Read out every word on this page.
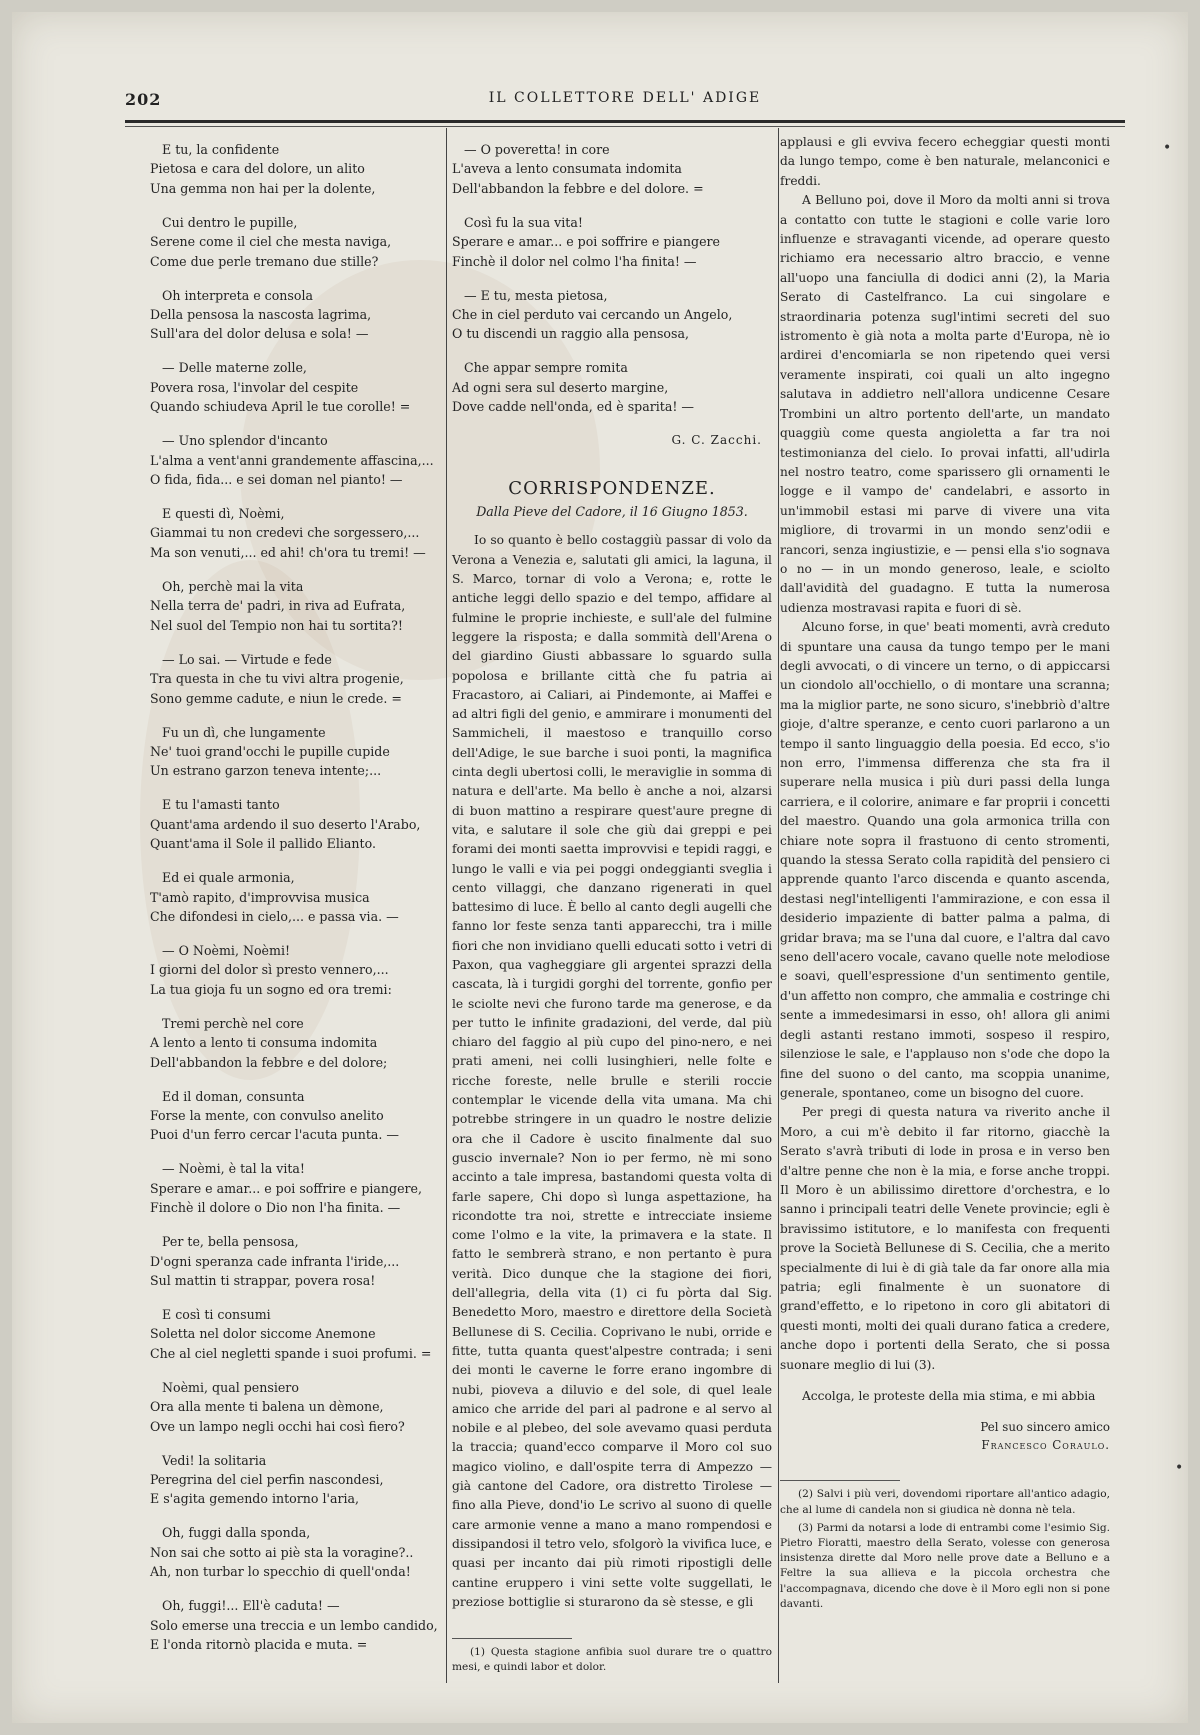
IL COLLETTORE DELL' ADIGE
202
•
•
E tu, la confidente
Pietosa e cara del dolore, un alito
Una gemma non hai per la dolente,
Cui dentro le pupille,
Serene come il ciel che mesta naviga,
Come due perle tremano due stille?
Oh interpreta e consola
Della pensosa la nascosta lagrima,
Sull'ara del dolor delusa e sola! —
— Delle materne zolle,
Povera rosa, l'involar del cespite
Quando schiudeva April le tue corolle! =
— Uno splendor d'incanto
L'alma a vent'anni grandemente affascina,...
O fida, fida... e sei doman nel pianto! —
E questi dì, Noèmi,
Giammai tu non credevi che sorgessero,...
Ma son venuti,... ed ahi! ch'ora tu tremi! —
Oh, perchè mai la vita
Nella terra de' padri, in riva ad Eufrata,
Nel suol del Tempio non hai tu sortita?!
— Lo sai. — Virtude e fede
Tra questa in che tu vivi altra progenie,
Sono gemme cadute, e niun le crede. =
Fu un dì, che lungamente
Ne' tuoi grand'occhi le pupille cupide
Un estrano garzon teneva intente;...
E tu l'amasti tanto
Quant'ama ardendo il suo deserto l'Arabo,
Quant'ama il Sole il pallido Elianto.
Ed ei quale armonia,
T'amò rapito, d'improvvisa musica
Che difondesi in cielo,... e passa via. —
— O Noèmi, Noèmi!
I giorni del dolor sì presto vennero,...
La tua gioja fu un sogno ed ora tremi:
Tremi perchè nel core
A lento a lento ti consuma indomita
Dell'abbandon la febbre e del dolore;
Ed il doman, consunta
Forse la mente, con convulso anelito
Puoi d'un ferro cercar l'acuta punta. —
— Noèmi, è tal la vita!
Sperare e amar... e poi soffrire e piangere,
Finchè il dolore o Dio non l'ha finita. —
Per te, bella pensosa,
D'ogni speranza cade infranta l'iride,...
Sul mattin ti strappar, povera rosa!
E così ti consumi
Soletta nel dolor siccome Anemone
Che al ciel negletti spande i suoi profumi. =
Noèmi, qual pensiero
Ora alla mente ti balena un dèmone,
Ove un lampo negli occhi hai così fiero?
Vedi! la solitaria
Peregrina del ciel perfin nascondesi,
E s'agita gemendo intorno l'aria,
Oh, fuggi dalla sponda,
Non sai che sotto ai piè sta la voragine?..
Ah, non turbar lo specchio di quell'onda!
Oh, fuggi!... Ell'è caduta! —
Solo emerse una treccia e un lembo candido,
E l'onda ritornò placida e muta. =
— O poveretta! in core
L'aveva a lento consumata indomita
Dell'abbandon la febbre e del dolore. =
Così fu la sua vita!
Sperare e amar... e poi soffrire e piangere
Finchè il dolor nel colmo l'ha finita! —
— E tu, mesta pietosa,
Che in ciel perduto vai cercando un Angelo,
O tu discendi un raggio alla pensosa,
Che appar sempre romita
Ad ogni sera sul deserto margine,
Dove cadde nell'onda, ed è sparita! —
G. C. Zacchi.
CORRISPONDENZE.
Dalla Pieve del Cadore, il 16 Giugno 1853.

Io so quanto è bello costaggiù passar di volo da Verona a Venezia e, salutati gli amici, la laguna, il S. Marco, tornar di volo a Verona; e, rotte le antiche leggi dello spazio e del tempo, affidare al fulmine le proprie inchieste, e sull'ale del fulmine leggere la risposta; e dalla sommità dell'Arena o del giardino Giusti abbassare lo sguardo sulla popolosa e brillante città che fu patria ai Fracastoro, ai Caliari, ai Pindemonte, ai Maffei e ad altri figli del genio, e ammirare i monumenti del Sammicheli, il maestoso e tranquillo corso dell'Adige, le sue barche i suoi ponti, la magnifica cinta degli ubertosi colli, le meraviglie in somma di natura e dell'arte. Ma bello è anche a noi, alzarsi di buon mattino a respirare quest'aure pregne di vita, e salutare il sole che giù dai greppi e pei forami dei monti saetta improvvisi e tepidi raggi, e lungo le valli e via pei poggi ondeggianti sveglia i cento villaggi, che danzano rigenerati in quel battesimo di luce. È bello al canto degli augelli che fanno lor feste senza tanti apparecchi, tra i mille fiori che non invidiano quelli educati sotto i vetri di Paxon, qua vagheggiare gli argentei sprazzi della cascata, là i turgidi gorghi del torrente, gonfio per le sciolte nevi che furono tarde ma generose, e da per tutto le infinite gradazioni, del verde, dal più chiaro del faggio al più cupo del pino-nero, e nei prati ameni, nei colli lusinghieri, nelle folte e ricche foreste, nelle brulle e sterili roccie contemplar le vicende della vita umana. Ma chi potrebbe stringere in un quadro le nostre delizie ora che il Cadore è uscito finalmente dal suo guscio invernale? Non io per fermo, nè mi sono accinto a tale impresa, bastandomi questa volta di farle sapere, Chi dopo sì lunga aspettazione, ha ricondotte tra noi, strette e intrecciate insieme come l'olmo e la vite, la primavera e la state. Il fatto le sembrerà strano, e non pertanto è pura verità. Dico dunque che la stagione dei fiori, dell'allegria, della vita (1) ci fu pòrta dal Sig. Benedetto Moro, maestro e direttore della Società Bellunese di S. Cecilia. Coprivano le nubi, orride e fitte, tutta quanta quest'alpestre contrada; i seni dei monti le caverne le forre erano ingombre di nubi, pioveva a diluvio e del sole, di quel leale amico che arride del pari al padrone e al servo al nobile e al plebeo, del sole avevamo quasi perduta la traccia; quand'ecco comparve il Moro col suo magico violino, e dall'ospite terra di Ampezzo — già cantone del Cadore, ora distretto Tirolese — fino alla Pieve, dond'io Le scrivo al suono di quelle care armonie venne a mano a mano rompendosi e dissipandosi il tetro velo, sfolgorò la vivifica luce, e quasi per incanto dai più rimoti ripostigli delle cantine eruppero i vini sette volte suggellati, le preziose bottiglie si sturarono da sè stesse, e gli

(1) Questa stagione anfibia suol durare tre o quattro mesi, e quindi labor et dolor.

applausi e gli evviva fecero echeggiar questi monti da lungo tempo, come è ben naturale, melanconici e freddi.

A Belluno poi, dove il Moro da molti anni si trova a contatto con tutte le stagioni e colle varie loro influenze e stravaganti vicende, ad operare questo richiamo era necessario altro braccio, e venne all'uopo una fanciulla di dodici anni (2), la Maria Serato di Castelfranco. La cui singolare e straordinaria potenza sugl'intimi secreti del suo istromento è già nota a molta parte d'Europa, nè io ardirei d'encomiarla se non ripetendo quei versi veramente inspirati, coi quali un alto ingegno salutava in addietro nell'allora undicenne Cesare Trombini un altro portento dell'arte, un mandato quaggiù come questa angioletta a far tra noi testimonianza del cielo. Io provai infatti, all'udirla nel nostro teatro, come sparissero gli ornamenti le logge e il vampo de' candelabri, e assorto in un'immobil estasi mi parve di vivere una vita migliore, di trovarmi in un mondo senz'odii e rancori, senza ingiustizie, e — pensi ella s'io sognava o no — in un mondo generoso, leale, e sciolto dall'avidità del guadagno. E tutta la numerosa udienza mostravasi rapita e fuori di sè.

Alcuno forse, in que' beati momenti, avrà creduto di spuntare una causa da tungo tempo per le mani degli avvocati, o di vincere un terno, o di appiccarsi un ciondolo all'occhiello, o di montare una scranna; ma la miglior parte, ne sono sicuro, s'inebbriò d'altre gioje, d'altre speranze, e cento cuori parlarono a un tempo il santo linguaggio della poesia. Ed ecco, s'io non erro, l'immensa differenza che sta fra il superare nella musica i più duri passi della lunga carriera, e il colorire, animare e far proprii i concetti del maestro. Quando una gola armonica trilla con chiare note sopra il frastuono di cento stromenti, quando la stessa Serato colla rapidità del pensiero ci apprende quanto l'arco discenda e quanto ascenda, destasi negl'intelligenti l'ammirazione, e con essa il desiderio impaziente di batter palma a palma, di gridar brava; ma se l'una dal cuore, e l'altra dal cavo seno dell'acero vocale, cavano quelle note melodiose e soavi, quell'espressione d'un sentimento gentile, d'un affetto non compro, che ammalia e costringe chi sente a immedesimarsi in esso, oh! allora gli animi degli astanti restano immoti, sospeso il respiro, silenziose le sale, e l'applauso non s'ode che dopo la fine del suono o del canto, ma scoppia unanime, generale, spontaneo, come un bisogno del cuore.

Per pregi di questa natura va riverito anche il Moro, a cui m'è debito il far ritorno, giacchè la Serato s'avrà tributi di lode in prosa e in verso ben d'altre penne che non è la mia, e forse anche troppi. Il Moro è un abilissimo direttore d'orchestra, e lo sanno i principali teatri delle Venete provincie; egli è bravissimo istitutore, e lo manifesta con frequenti prove la Società Bellunese di S. Cecilia, che a merito specialmente di lui è di già tale da far onore alla mia patria; egli finalmente è un suonatore di grand'effetto, e lo ripetono in coro gli abitatori di questi monti, molti dei quali durano fatica a credere, anche dopo i portenti della Serato, che si possa suonare meglio di lui (3).

Accolga, le proteste della mia stima, e mi abbia

Pel suo sincero amico
Francesco Coraulo.

(2) Salvi i più veri, dovendomi riportare all'antico adagio, che al lume di candela non si giudica nè donna nè tela.

(3) Parmi da notarsi a lode di entrambi come l'esimio Sig. Pietro Fioratti, maestro della Serato, volesse con generosa insistenza dirette dal Moro nelle prove date a Belluno e a Feltre la sua allieva e la piccola orchestra che l'accompagnava, dicendo che dove è il Moro egli non si pone davanti.
